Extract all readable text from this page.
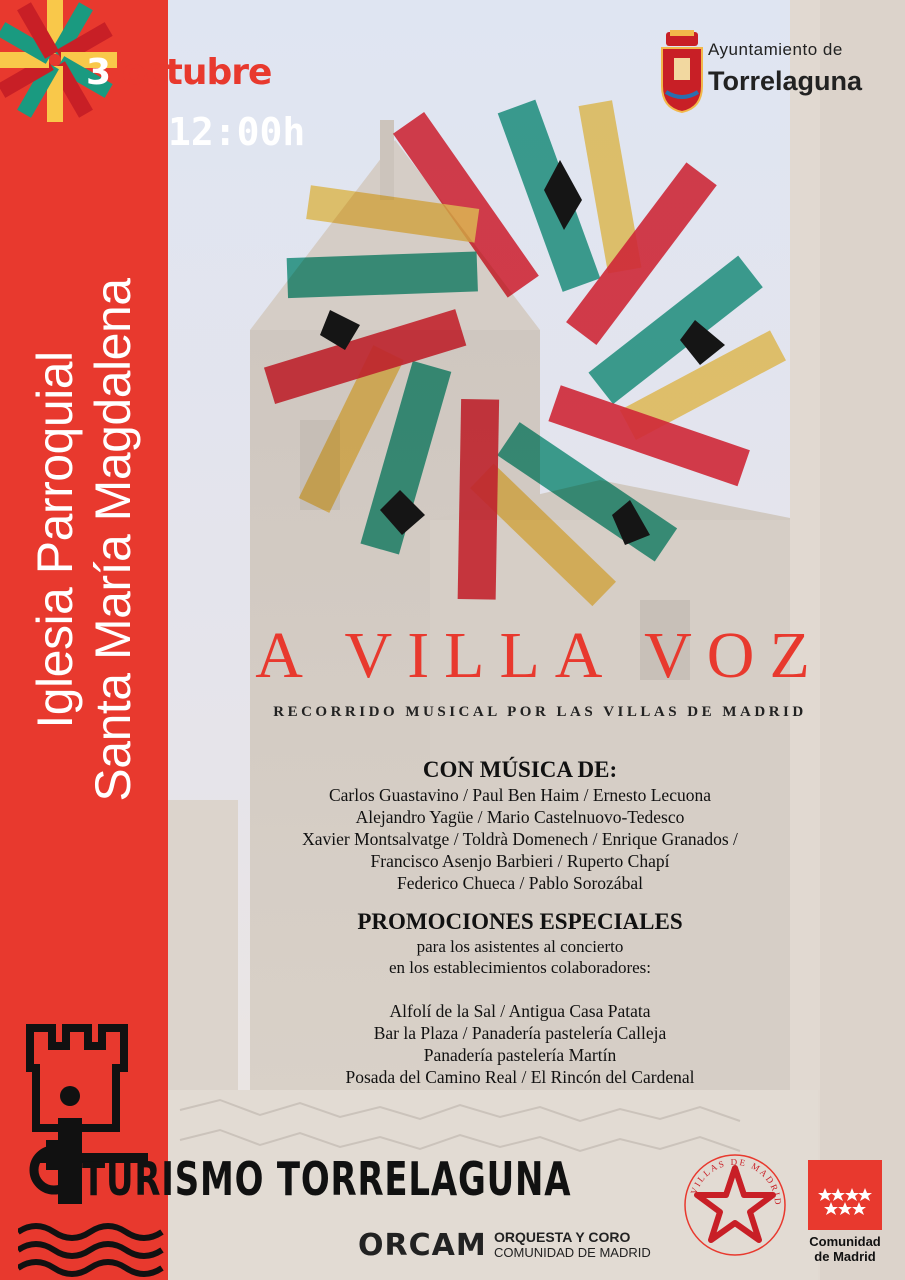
3 octubre
12:00h
Iglesia Parroquial Santa María Magdalena
Ayuntamiento de
Torrelaguna
A VILLA VOZ
RECORRIDO MUSICAL POR LAS VILLAS DE MADRID
CON MÚSICA DE:
Carlos Guastavino / Paul Ben Haim / Ernesto Lecuona
Alejandro Yagüe / Mario Castelnuovo-Tedesco
Xavier Montsalvatge / Toldrà Domenech / Enrique Granados /
Francisco Asenjo Barbieri / Ruperto Chapí
Federico Chueca / Pablo Sorozábal
PROMOCIONES ESPECIALES
para los asistentes al concierto
en los establecimientos colaboradores:
Alfolí de la Sal / Antigua Casa Patata
Bar la Plaza / Panadería pastelería Calleja
Panadería pastelería Martín
Posada del Camino Real / El Rincón del Cardenal
TURISMO TORRELAGUNA
ORCAM ORQUESTA Y CORO
COMUNIDAD DE MADRID
VILLAS DE MADRID
Comunidad
de Madrid
